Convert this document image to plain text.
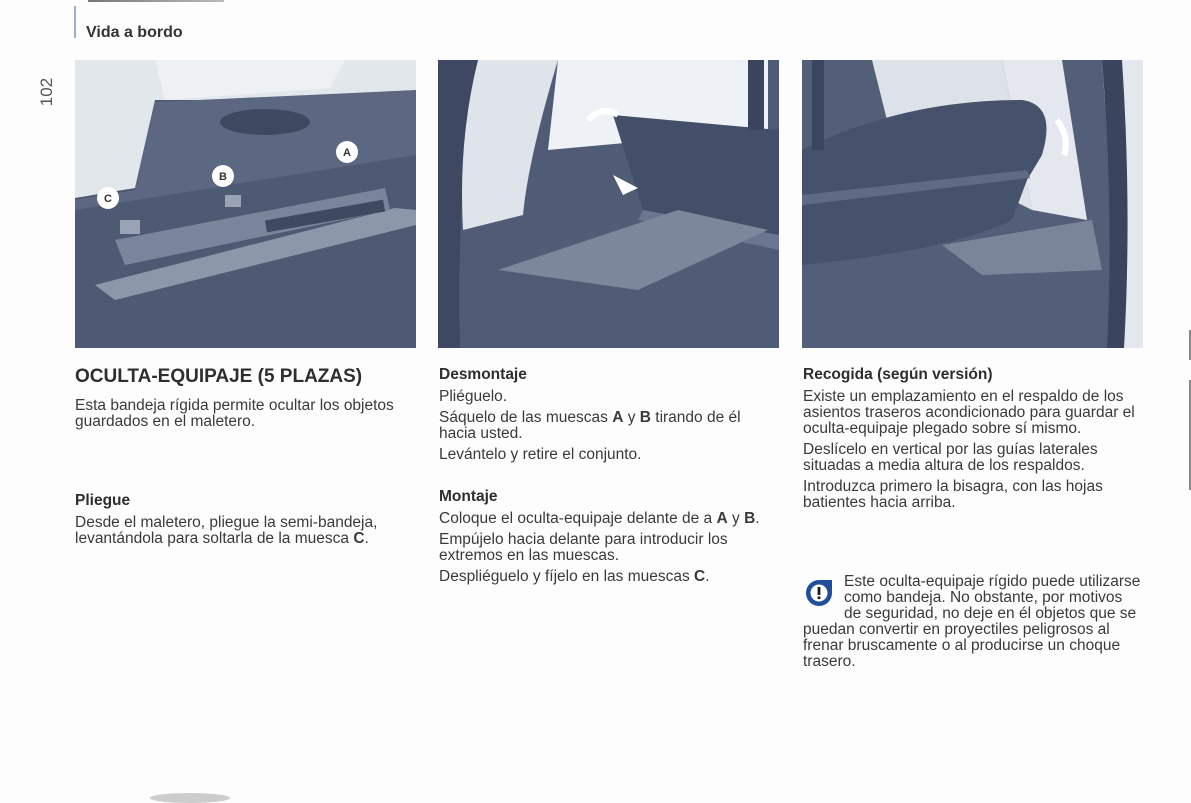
Vida a bordo
102
A
B
C

OCULTA-EQUIPAJE (5 PLAZAS)

Esta bandeja rígida permite ocultar los objetos guardados en el maletero.

Pliegue

Desde el maletero, pliegue la semi-bandeja, levantándola para soltarla de la muesca C.

Desmontaje

Pliéguelo.

Sáquelo de las muescas A y B tirando de él hacia usted.

Levántelo y retire el conjunto.

Montaje

Coloque el oculta-equipaje delante de a A y B.

Empújelo hacia delante para introducir los extremos en las muescas.

Despliéguelo y fíjelo en las muescas C.

Recogida (según versión)

Existe un emplazamiento en el respaldo de los asientos traseros acondicionado para guardar el oculta-equipaje plegado sobre sí mismo.

Deslícelo en vertical por las guías laterales situadas a media altura de los respaldos.

Introduzca primero la bisagra, con las hojas batientes hacia arriba.

Este oculta-equipaje rígido puede utilizarse como bandeja. No obstante, por motivos de seguridad, no deje en él objetos que se puedan convertir en proyectiles peligrosos al frenar bruscamente o al producirse un choque trasero.
